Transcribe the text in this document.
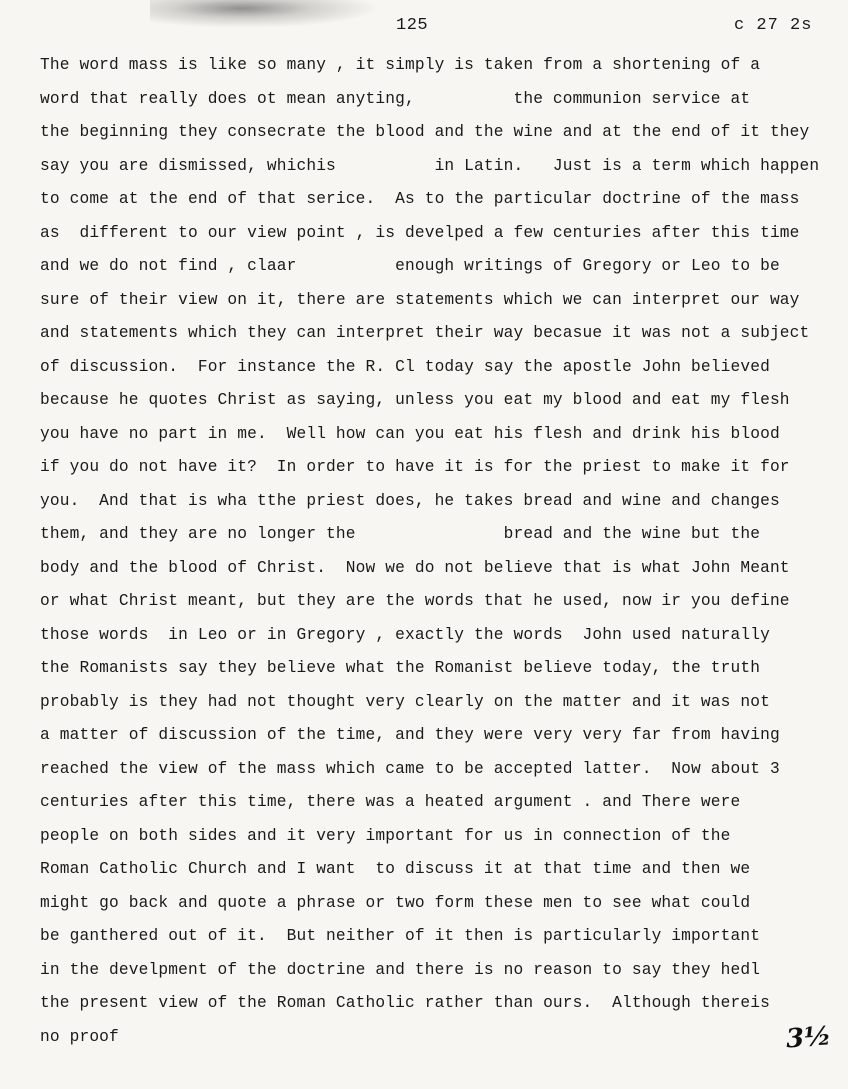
125	c 27 2s
The word mass is like so many , it simply is taken from a shortening of a
word that really does ot mean anyting,          the communion service at
the beginning they consecrate the blood and the wine and at the end of it they
say you are dismissed, whichis          in Latin.   Just is a term which happen
to come at the end of that serice.  As to the particular doctrine of the mass
as  different to our view point , is develped a few centuries after this time
and we do not find , claar          enough writings of Gregory or Leo to be
sure of their view on it, there are statements which we can interpret our way
and statements which they can interpret their way becasue it was not a subject
of discussion.  For instance the R. Cl today say the apostle John believed
because he quotes Christ as saying, unless you eat my blood and eat my flesh
you have no part in me.  Well how can you eat his flesh and drink his blood
if you do not have it?  In order to have it is for the priest to make it for
you.  And that is wha tthe priest does, he takes bread and wine and changes
them, and they are no longer the               bread and the wine but the
body and the blood of Christ.  Now we do not believe that is what John Meant
or what Christ meant, but they are the words that he used, now ir you define
those words  in Leo or in Gregory , exactly the words  John used naturally
the Romanists say they believe what the Romanist believe today, the truth
probably is they had not thought very clearly on the matter and it was not
a matter of discussion of the time, and they were very very far from having
reached the view of the mass which came to be accepted latter.  Now about 3
centuries after this time, there was a heated argument . and There were
people on both sides and it very important for us in connection of the
Roman Catholic Church and I want  to discuss it at that time and then we
might go back and quote a phrase or two form these men to see what could
be ganthered out of it.  But neither of it then is particularly important
in the develpment of the doctrine and there is no reason to say they hedl
the present view of the Roman Catholic rather than ours.  Although thereis
no proof	3½
